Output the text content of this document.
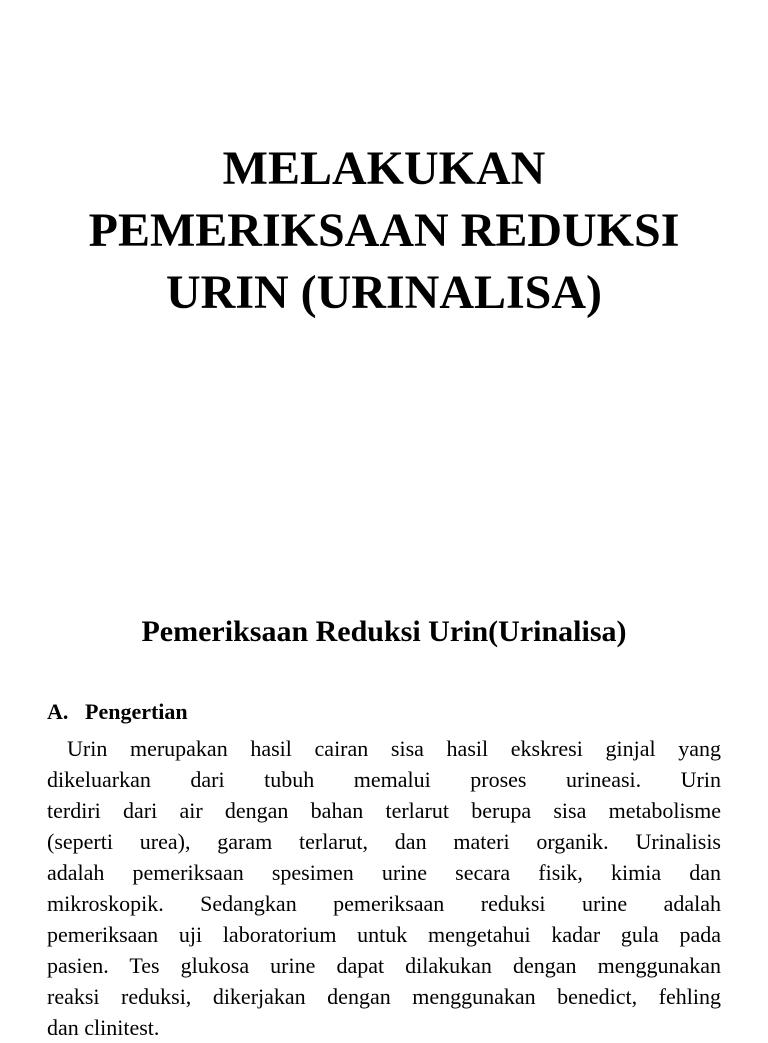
MELAKUKAN
PEMERIKSAAN REDUKSI
URIN (URINALISA)
Pemeriksaan Reduksi Urin(Urinalisa)
A. Pengertian
Urin merupakan hasil cairan sisa hasil ekskresi ginjal yang
dikeluarkan dari tubuh memalui proses urineasi. Urin
terdiri dari air dengan bahan terlarut berupa sisa metabolisme
(seperti urea), garam terlarut, dan materi organik. Urinalisis
adalah pemeriksaan spesimen urine secara fisik, kimia dan
mikroskopik. Sedangkan pemeriksaan reduksi urine adalah
pemeriksaan uji laboratorium untuk mengetahui kadar gula pada
pasien. Tes glukosa urine dapat dilakukan dengan menggunakan
reaksi reduksi, dikerjakan dengan menggunakan benedict, fehling
dan clinitest.
